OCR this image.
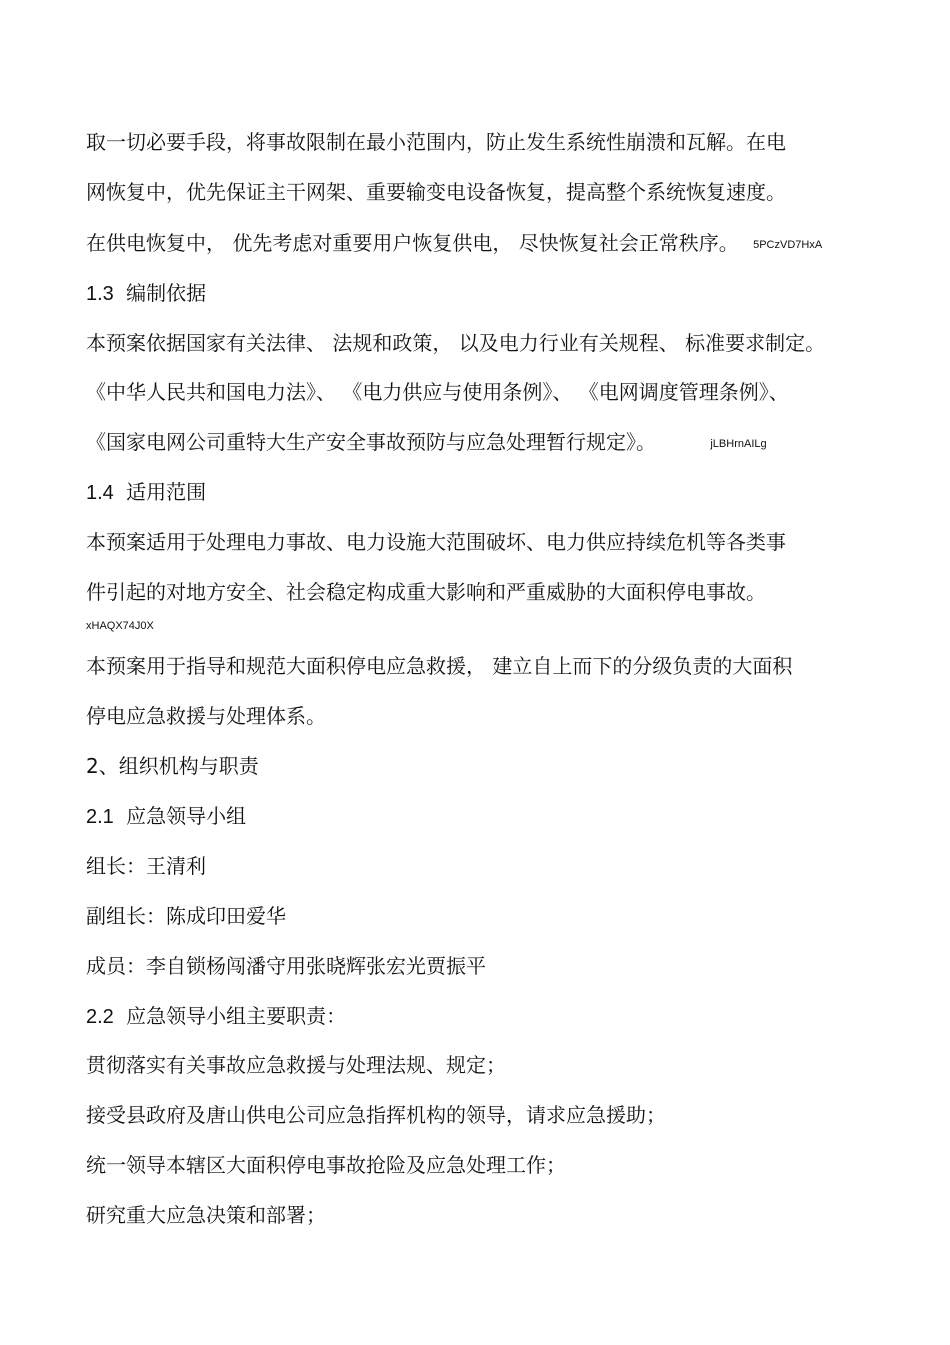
取一切必要手段，将事故限制在最小范围内，防止发生系统性崩溃和瓦解。在电
网恢复中，优先保证主干网架、重要输变电设备恢复，提高整个系统恢复速度。
在供电恢复中， 优先考虑对重要用户恢复供电， 尽快恢复社会正常秩序。 5PCzVD7HxA
1.3 编制依据
本预案依据国家有关法律、 法规和政策， 以及电力行业有关规程、 标准要求制定。
《中华人民共和国电力法》、 《电力供应与使用条例》、 《电网调度管理条例》、
《国家电网公司重特大生产安全事故预防与应急处理暂行规定》。	jLBHrnAILg
1.4 适用范围
本预案适用于处理电力事故、电力设施大范围破坏、电力供应持续危机等各类事
件引起的对地方安全、社会稳定构成重大影响和严重威胁的大面积停电事故。
xHAQX74J0X
本预案用于指导和规范大面积停电应急救援， 建立自上而下的分级负责的大面积
停电应急救援与处理体系。
2、组织机构与职责
2.1 应急领导小组
组长：王清利
副组长：陈成印田爱华
成员：李自锁杨闯潘守用张晓辉张宏光贾振平
2.2 应急领导小组主要职责：
贯彻落实有关事故应急救援与处理法规、规定；
接受县政府及唐山供电公司应急指挥机构的领导，请求应急援助；
统一领导本辖区大面积停电事故抢险及应急处理工作；
研究重大应急决策和部署；
